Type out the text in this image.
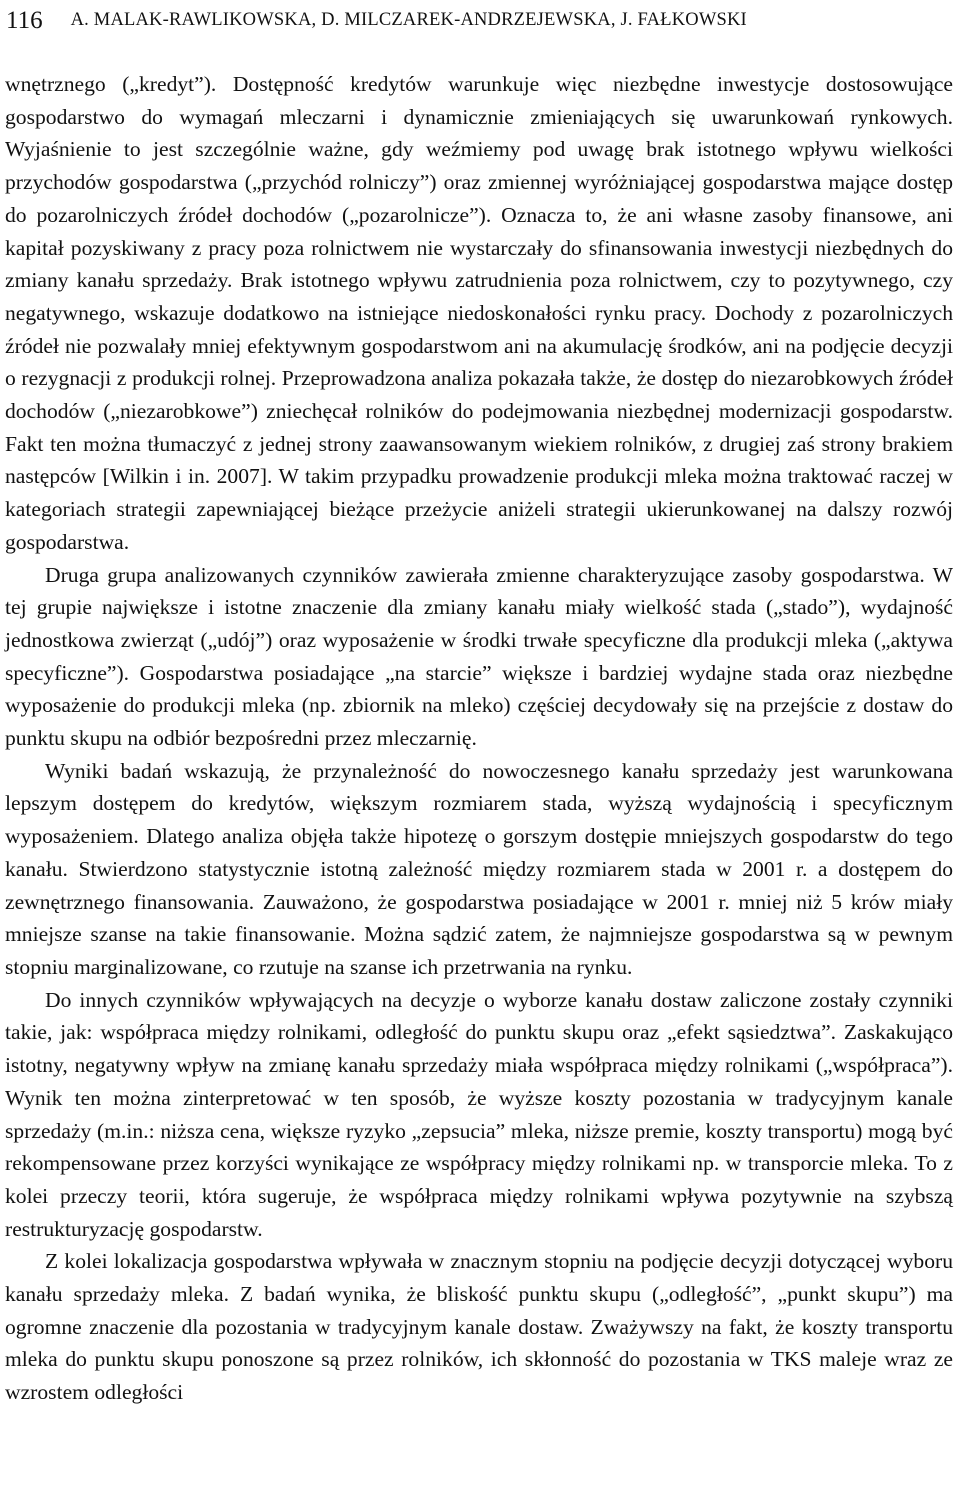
116 A. MALAK-RAWLIKOWSKA, D. MILCZAREK-ANDRZEJEWSKA, J. FAŁKOWSKI

wnętrznego („kredyt”). Dostępność kredytów warunkuje więc niezbędne inwestycje dostosowujące gospodarstwo do wymagań mleczarni i dynamicznie zmieniających się uwarunkowań rynkowych. Wyjaśnienie to jest szczególnie ważne, gdy weźmiemy pod uwagę brak istotnego wpływu wielkości przychodów gospodarstwa („przychód rolniczy”) oraz zmiennej wyróżniającej gospodarstwa mające dostęp do pozarolniczych źródeł dochodów („pozarolnicze”). Oznacza to, że ani własne zasoby finansowe, ani kapitał pozyskiwany z pracy poza rolnictwem nie wystarczały do sfinansowania inwestycji niezbędnych do zmiany kanału sprzedaży. Brak istotnego wpływu zatrudnienia poza rolnictwem, czy to pozytywnego, czy negatywnego, wskazuje dodatkowo na istniejące niedoskonałości rynku pracy. Dochody z pozarolniczych źródeł nie pozwalały mniej efektywnym gospodarstwom ani na akumulację środków, ani na podjęcie decyzji o rezygnacji z produkcji rolnej. Przeprowadzona analiza pokazała także, że dostęp do niezarobkowych źródeł dochodów („niezarobkowe”) zniechęcał rolników do podejmowania niezbędnej modernizacji gospodarstw. Fakt ten można tłumaczyć z jednej strony zaawansowanym wiekiem rolników, z drugiej zaś strony brakiem następców [Wilkin i in. 2007]. W takim przypadku prowadzenie produkcji mleka można traktować raczej w kategoriach strategii zapewniającej bieżące przeżycie aniżeli strategii ukierunkowanej na dalszy rozwój gospodarstwa.

Druga grupa analizowanych czynników zawierała zmienne charakteryzujące zasoby gospodarstwa. W tej grupie największe i istotne znaczenie dla zmiany kanału miały wielkość stada („stado”), wydajność jednostkowa zwierząt („udój”) oraz wyposażenie w środki trwałe specyficzne dla produkcji mleka („aktywa specyficzne”). Gospodarstwa posiadające „na starcie” większe i bardziej wydajne stada oraz niezbędne wyposażenie do produkcji mleka (np. zbiornik na mleko) częściej decydowały się na przejście z dostaw do punktu skupu na odbiór bezpośredni przez mleczarnię.

Wyniki badań wskazują, że przynależność do nowoczesnego kanału sprzedaży jest warunkowana lepszym dostępem do kredytów, większym rozmiarem stada, wyższą wydajnością i specyficznym wyposażeniem. Dlatego analiza objęła także hipotezę o gorszym dostępie mniejszych gospodarstw do tego kanału. Stwierdzono statystycznie istotną zależność między rozmiarem stada w 2001 r. a dostępem do zewnętrznego finansowania. Zauważono, że gospodarstwa posiadające w 2001 r. mniej niż 5 krów miały mniejsze szanse na takie finansowanie. Można sądzić zatem, że najmniejsze gospodarstwa są w pewnym stopniu marginalizowane, co rzutuje na szanse ich przetrwania na rynku.

Do innych czynników wpływających na decyzje o wyborze kanału dostaw zaliczone zostały czynniki takie, jak: współpraca między rolnikami, odległość do punktu skupu oraz „efekt sąsiedztwa”. Zaskakująco istotny, negatywny wpływ na zmianę kanału sprzedaży miała współpraca między rolnikami („współpraca”). Wynik ten można zinterpretować w ten sposób, że wyższe koszty pozostania w tradycyjnym kanale sprzedaży (m.in.: niższa cena, większe ryzyko „zepsucia” mleka, niższe premie, koszty transportu) mogą być rekompensowane przez korzyści wynikające ze współpracy między rolnikami np. w transporcie mleka. To z kolei przeczy teorii, która sugeruje, że współpraca między rolnikami wpływa pozytywnie na szybszą restrukturyzację gospodarstw.

Z kolei lokalizacja gospodarstwa wpływała w znacznym stopniu na podjęcie decyzji dotyczącej wyboru kanału sprzedaży mleka. Z badań wynika, że bliskość punktu skupu („odległość”, „punkt skupu”) ma ogromne znaczenie dla pozostania w tradycyjnym kanale dostaw. Zważywszy na fakt, że koszty transportu mleka do punktu skupu ponoszone są przez rolników, ich skłonność do pozostania w TKS maleje wraz ze wzrostem odległości
